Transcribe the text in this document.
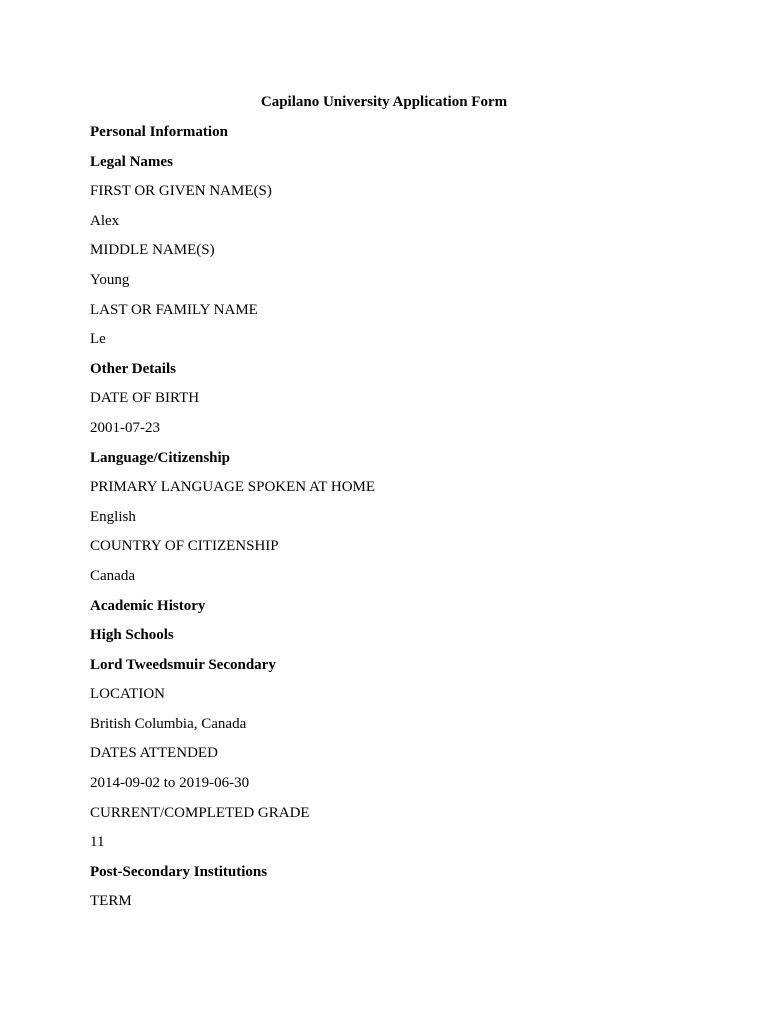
Capilano University Application Form
Personal Information
Legal Names
FIRST OR GIVEN NAME(S)
Alex
MIDDLE NAME(S)
Young
LAST OR FAMILY NAME
Le
Other Details
DATE OF BIRTH
2001-07-23
Language/Citizenship
PRIMARY LANGUAGE SPOKEN AT HOME
English
COUNTRY OF CITIZENSHIP
Canada
Academic History
High Schools
Lord Tweedsmuir Secondary
LOCATION
British Columbia, Canada
DATES ATTENDED
2014-09-02 to 2019-06-30
CURRENT/COMPLETED GRADE
11
Post-Secondary Institutions
TERM
